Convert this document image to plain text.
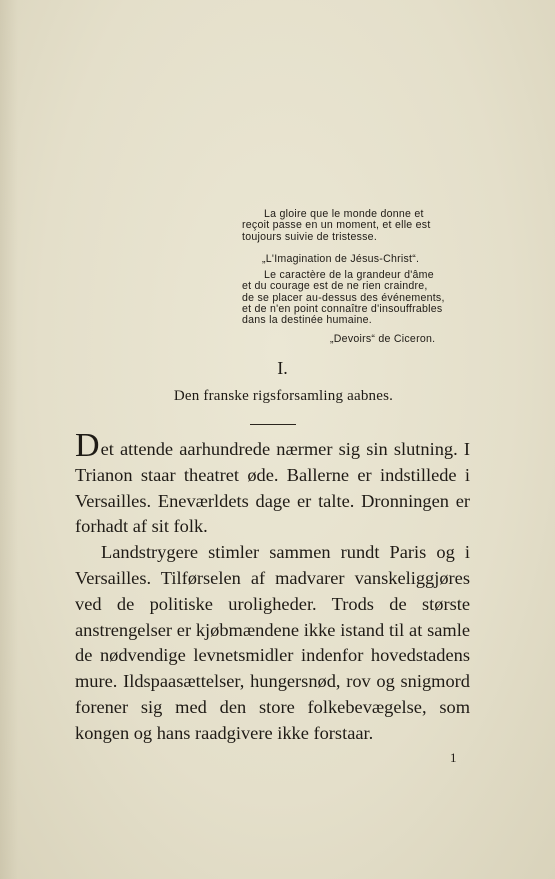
La gloire que le monde donne et
reçoit passe en un moment, et elle est
toujours suivie de tristesse.
„L'Imagination de Jésus-Christ“.
Le caractère de la grandeur d'âme
et du courage est de ne rien craindre,
de se placer au-dessus des événements,
et de n'en point connaître d'insouffrables
dans la destinée humaine.
„Devoirs“ de Ciceron.
I.
Den franske rigsforsamling aabnes.

Det attende aarhundrede nærmer sig sin slutning. I Trianon staar theatret øde. Ballerne er indstillede i Versailles. Eneværldets dage er talte. Dronningen er forhadt af sit folk.

Landstrygere stimler sammen rundt Paris og i Versailles. Tilførselen af madvarer vanskeliggjøres ved de politiske uroligheder. Trods de største anstrengelser er kjøbmændene ikke istand til at samle de nødvendige levnetsmidler indenfor hovedstadens mure. Ildspaasættelser, hungersnød, rov og snigmord forener sig med den store folkebevægelse, som kongen og hans raadgivere ikke forstaar.

1
